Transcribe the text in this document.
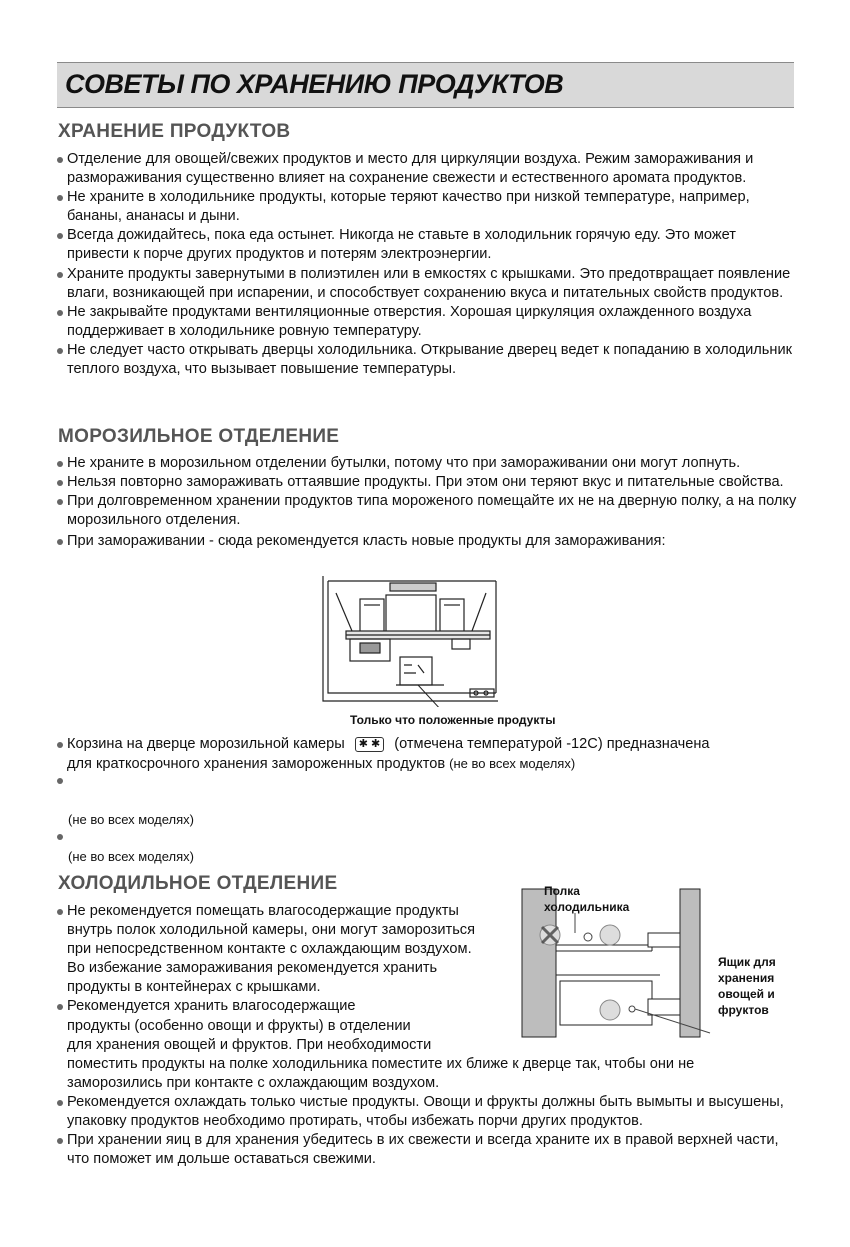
СОВЕТЫ ПО ХРАНЕНИЮ ПРОДУКТОВ
ХРАНЕНИЕ ПРОДУКТОВ
Отделение для овощей/свежих продуктов и место для циркуляции воздуха. Режим замораживания и размораживания существенно влияет на сохранение свежести и естественного аромата продуктов.
Не храните в холодильнике продукты, которые теряют качество при низкой температуре, например, бананы, ананасы и дыни.
Всегда дожидайтесь, пока еда остынет. Никогда не ставьте в холодильник горячую еду. Это может привести к порче других продуктов и потерям электроэнергии.
Храните продукты завернутыми в полиэтилен или в емкостях с крышками. Это предотвращает появление влаги, возникающей при испарении, и способствует сохранению вкуса и питательных свойств продуктов.
Не закрывайте продуктами вентиляционные отверстия. Хорошая циркуляция охлажденного воздуха поддерживает в холодильнике ровную температуру.
Не следует часто открывать дверцы холодильника. Открывание дверец ведет к попаданию в холодильник теплого воздуха, что вызывает повышение температуры.
МОРОЗИЛЬНОЕ ОТДЕЛЕНИЕ
Не храните в морозильном отделении бутылки, потому что при замораживании они могут лопнуть.
Нельзя повторно замораживать оттаявшие продукты. При этом они теряют вкус и питательные свойства.
При долговременном хранении продуктов типа мороженого помещайте их не на дверную полку, а на полку морозильного отделения.
При замораживании - сюда рекомендуется класть новые продукты для замораживания:
Только что положенные продукты
Корзина на дверце морозильной камеры ✱ ✱ (отмечена температурой -12С) предназначена
для краткосрочного хранения замороженных продуктов (не во всех моделях)
(не во всех моделях)
(не во всех моделях)
ХОЛОДИЛЬНОЕ ОТДЕЛЕНИЕ
Не рекомендуется помещать влагосодержащие продукты
внутрь полок холодильной камеры, они могут заморозиться
при непосредственном контакте с охлаждающим воздухом.
Во избежание замораживания рекомендуется хранить
продукты в контейнерах с крышками.
Рекомендуется хранить влагосодержащие
продукты (особенно овощи и фрукты) в отделении
для хранения овощей и фруктов. При необходимости
поместить продукты на полке холодильника поместите их ближе к дверце так, чтобы они не
заморозились при контакте с охлаждающим воздухом.
Рекомендуется охлаждать только чистые продукты. Овощи и фрукты должны быть вымыты и высушены, упаковку продуктов необходимо протирать, чтобы избежать порчи других продуктов.
При хранении яиц в для хранения убедитесь в их свежести и всегда храните их в правой верхней части, что поможет им дольше оставаться свежими.
Полка холодильника
Ящик для хранения овощей и фруктов
